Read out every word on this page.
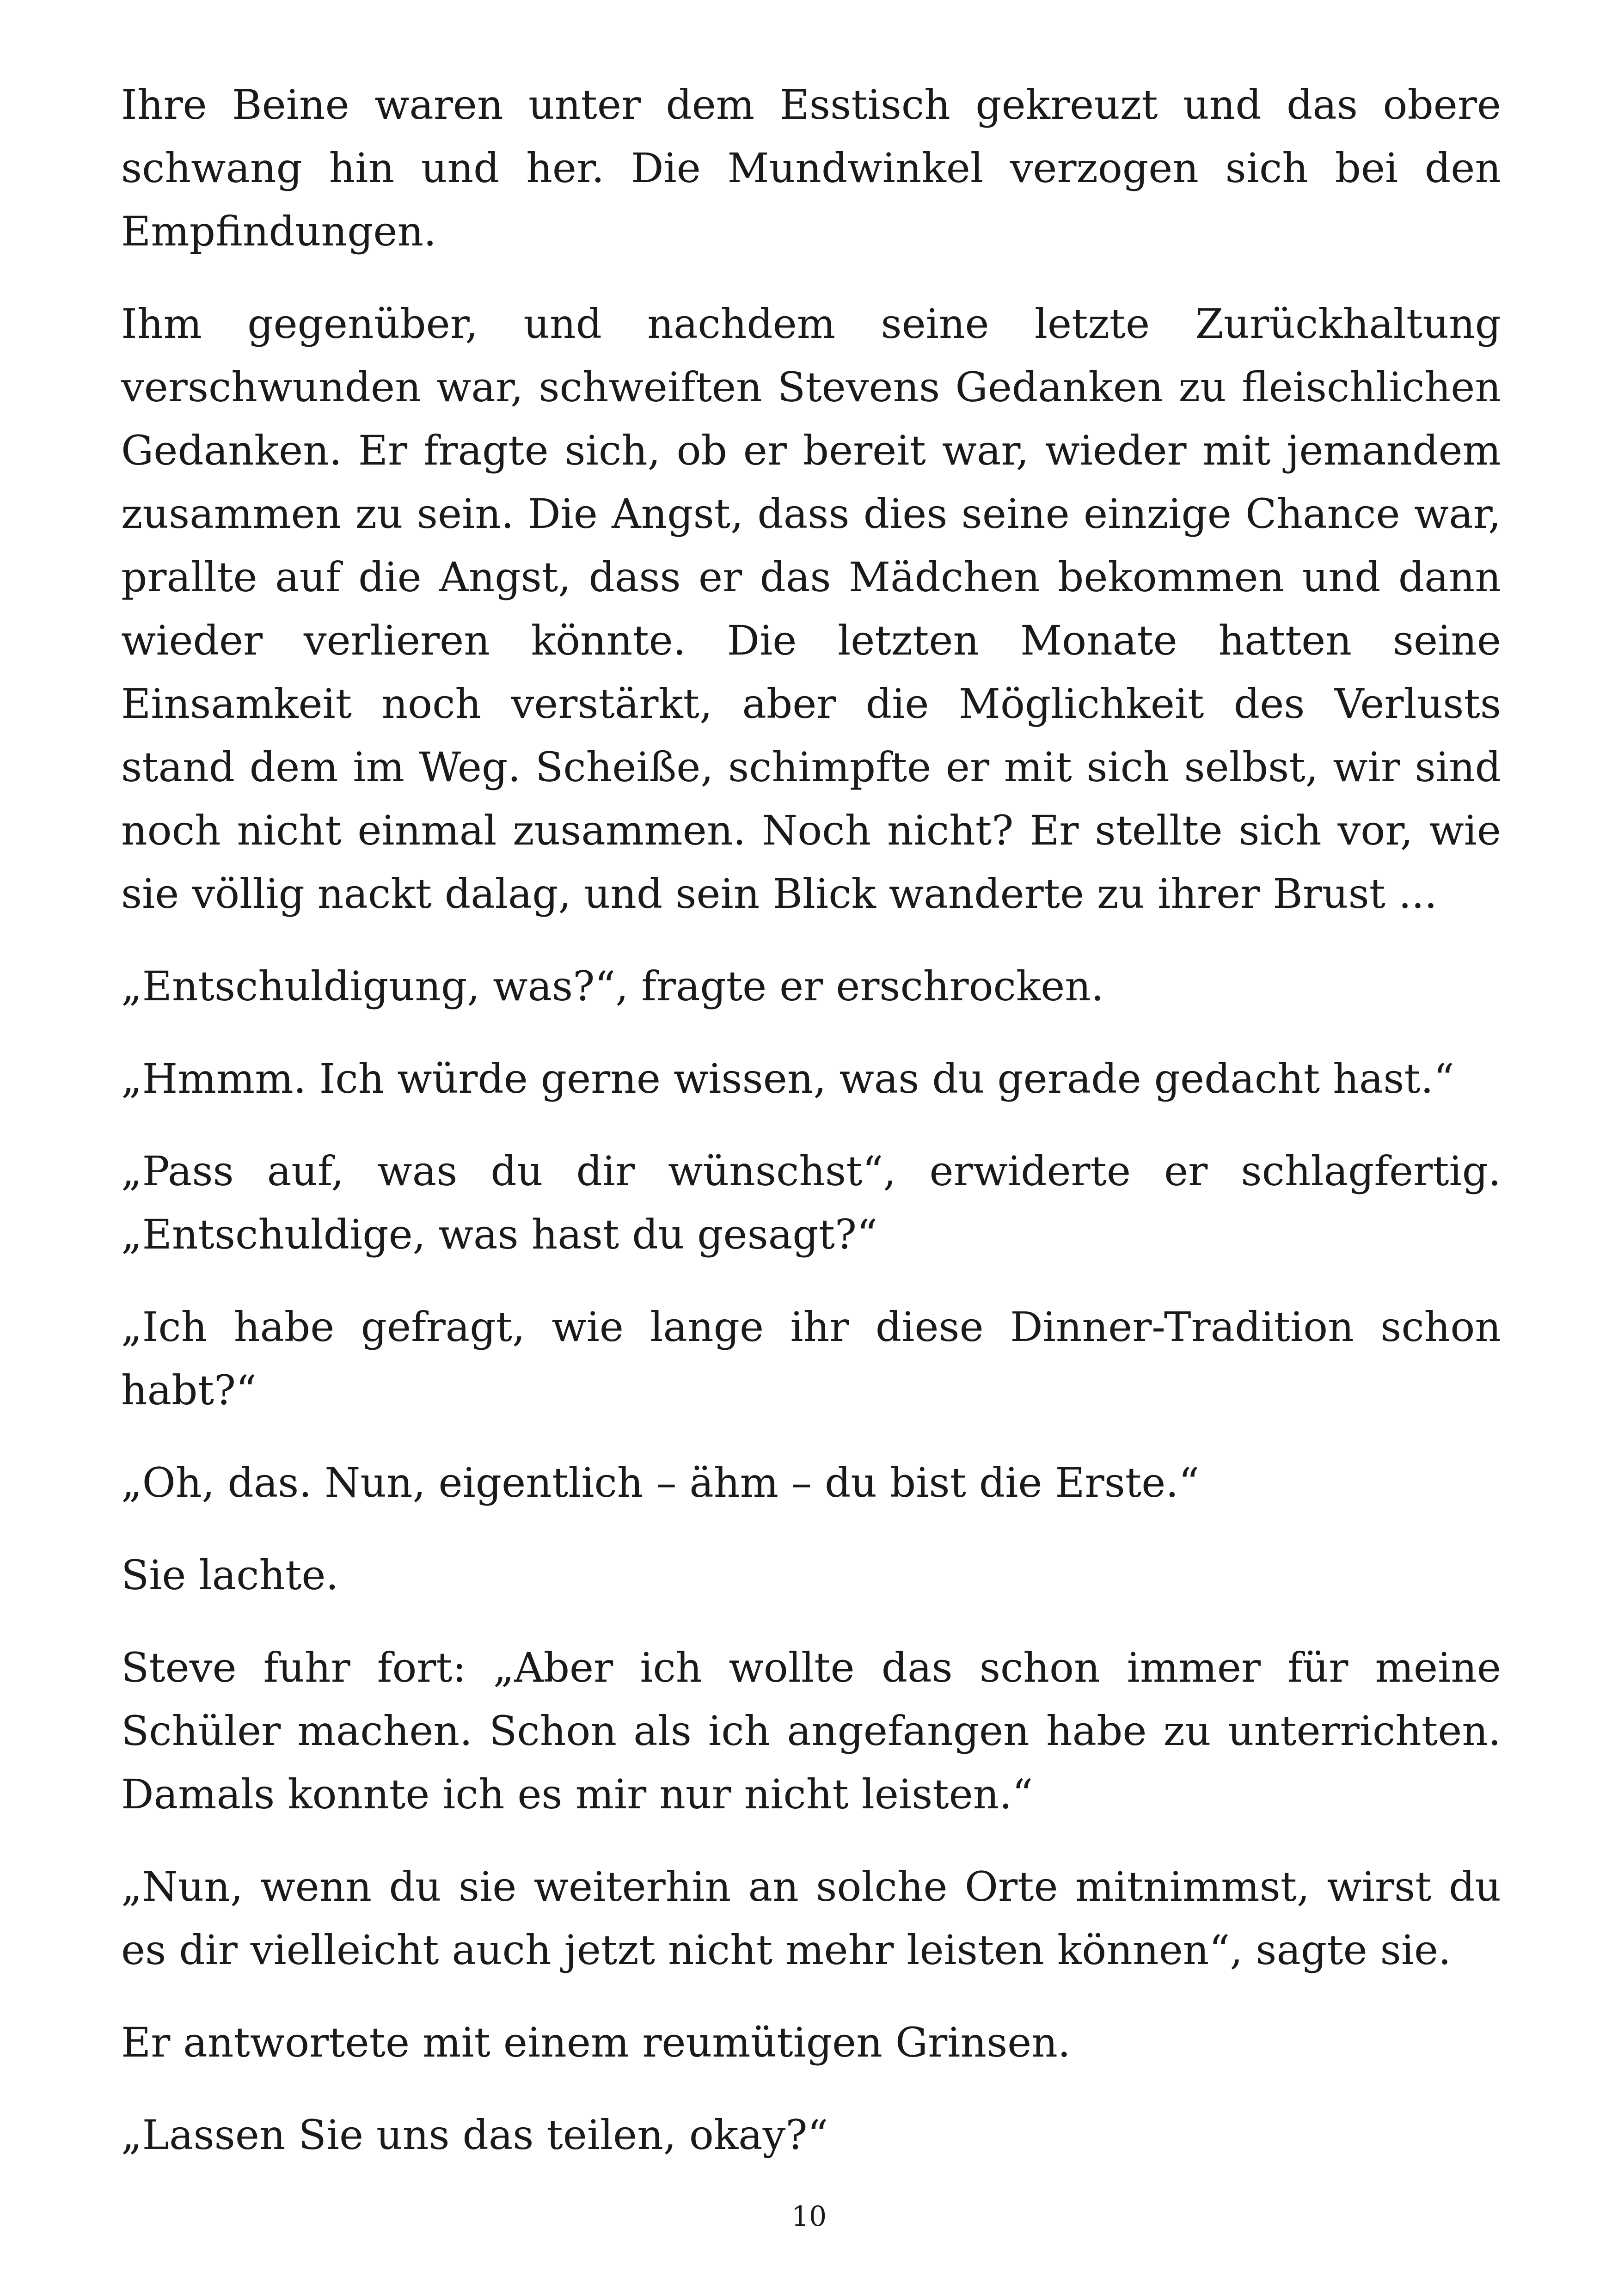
Ihre Beine waren unter dem Esstisch gekreuzt und das obere schwang hin und her. Die Mundwinkel verzogen sich bei den Empfindungen.

Ihm gegenüber, und nachdem seine letzte Zurückhaltung verschwunden war, schweiften Stevens Gedanken zu fleischlichen Gedanken. Er fragte sich, ob er bereit war, wieder mit jemandem zusammen zu sein. Die Angst, dass dies seine einzige Chance war, prallte auf die Angst, dass er das Mädchen bekommen und dann wieder verlieren könnte. Die letzten Monate hatten seine Einsamkeit noch verstärkt, aber die Möglichkeit des Verlusts stand dem im Weg. Scheiße, schimpfte er mit sich selbst, wir sind noch nicht einmal zusammen. Noch nicht? Er stellte sich vor, wie sie völlig nackt dalag, und sein Blick wanderte zu ihrer Brust ...

„Entschuldigung, was?“, fragte er erschrocken.

„Hmmm. Ich würde gerne wissen, was du gerade gedacht hast.“

„Pass auf, was du dir wünschst“, erwiderte er schlagfertig. „Entschuldige, was hast du gesagt?“

„Ich habe gefragt, wie lange ihr diese Dinner-Tradition schon habt?“

„Oh, das. Nun, eigentlich – ähm – du bist die Erste.“

Sie lachte.

Steve fuhr fort: „Aber ich wollte das schon immer für meine Schüler machen. Schon als ich angefangen habe zu unterrichten. Damals konnte ich es mir nur nicht leisten.“

„Nun, wenn du sie weiterhin an solche Orte mitnimmst, wirst du es dir vielleicht auch jetzt nicht mehr leisten können“, sagte sie.

Er antwortete mit einem reumütigen Grinsen.

„Lassen Sie uns das teilen, okay?“

10
